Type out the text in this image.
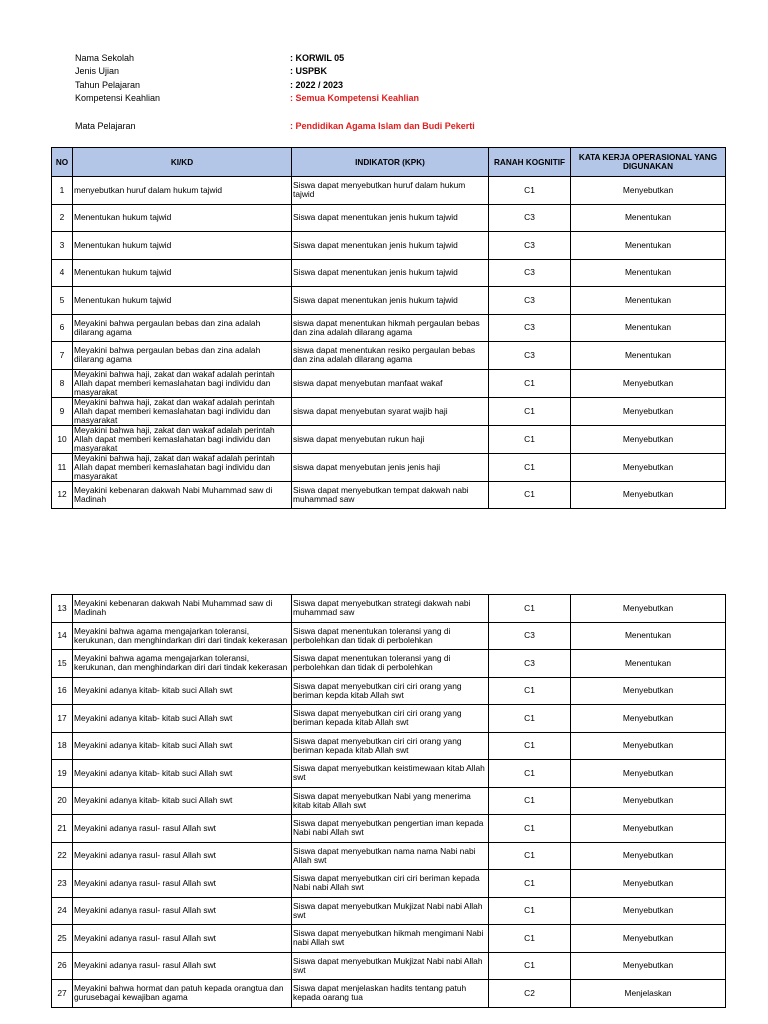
Nama Sekolah	: KORWIL 05
Jenis Ujian	: USPBK
Tahun Pelajaran	: 2022 / 2023
Kompetensi Keahlian	: Semua Kompetensi Keahlian
Mata Pelajaran	: Pendidikan Agama Islam dan Budi Pekerti
NO	KI/KD	INDIKATOR (KPK)	RANAH KOGNITIF	KATA KERJA OPERASIONAL YANG DIGUNAKAN
1	menyebutkan huruf dalam hukum tajwid	Siswa dapat menyebutkan huruf dalam hukum tajwid	C1	Menyebutkan
2	Menentukan hukum tajwid	Siswa dapat menentukan jenis hukum tajwid	C3	Menentukan
3	Menentukan hukum tajwid	Siswa dapat menentukan jenis hukum tajwid	C3	Menentukan
4	Menentukan hukum tajwid	Siswa dapat menentukan jenis hukum tajwid	C3	Menentukan
5	Menentukan hukum tajwid	Siswa dapat menentukan jenis hukum tajwid	C3	Menentukan
6	Meyakini bahwa pergaulan bebas dan zina adalah dilarang agama	siswa dapat menentukan hikmah pergaulan bebas dan zina adalah dilarang agama	C3	Menentukan
7	Meyakini bahwa pergaulan bebas dan zina adalah dilarang agama	siswa dapat menentukan resiko pergaulan bebas dan zina adalah dilarang agama	C3	Menentukan
8	Meyakini bahwa haji, zakat dan wakaf adalah perintah Allah dapat memberi kemaslahatan bagi individu dan masyarakat	siswa dapat menyebutan manfaat wakaf	C1	Menyebutkan
9	Meyakini bahwa haji, zakat dan wakaf adalah perintah Allah dapat memberi kemaslahatan bagi individu dan masyarakat	siswa dapat menyebutan syarat wajib haji	C1	Menyebutkan
10	Meyakini bahwa haji, zakat dan wakaf adalah perintah Allah dapat memberi kemaslahatan bagi individu dan masyarakat	siswa dapat menyebutan rukun haji	C1	Menyebutkan
11	Meyakini bahwa haji, zakat dan wakaf adalah perintah Allah dapat memberi kemaslahatan bagi individu dan masyarakat	siswa dapat menyebutan jenis jenis haji	C1	Menyebutkan
12	Meyakini kebenaran dakwah Nabi Muhammad saw di Madinah	Siswa dapat menyebutkan tempat dakwah nabi muhammad saw	C1	Menyebutkan
13	Meyakini kebenaran dakwah Nabi Muhammad saw di Madinah	Siswa dapat menyebutkan strategi dakwah nabi muhammad saw	C1	Menyebutkan
14	Meyakini bahwa agama mengajarkan toleransi, kerukunan, dan menghindarkan diri dari tindak kekerasan	Siswa dapat menentukan toleransi yang di perbolehkan dan tidak di perbolehkan	C3	Menentukan
15	Meyakini bahwa agama mengajarkan toleransi, kerukunan, dan menghindarkan diri dari tindak kekerasan	Siswa dapat menentukan toleransi yang di perbolehkan dan tidak di perbolehkan	C3	Menentukan
16	Meyakini adanya kitab- kitab suci Allah swt	Siswa dapat menyebutkan ciri ciri orang yang beriman kepda kitab Allah swt	C1	Menyebutkan
17	Meyakini adanya kitab- kitab suci Allah swt	Siswa dapat menyebutkan ciri ciri orang yang beriman kepada kitab Allah swt	C1	Menyebutkan
18	Meyakini adanya kitab- kitab suci Allah swt	Siswa dapat menyebutkan ciri ciri orang yang beriman kepada kitab Allah swt	C1	Menyebutkan
19	Meyakini adanya kitab- kitab suci Allah swt	Siswa dapat menyebutkan keistimewaan kitab Allah swt	C1	Menyebutkan
20	Meyakini adanya kitab- kitab suci Allah swt	Siswa dapat menyebutkan Nabi yang menerima kitab kitab Allah swt	C1	Menyebutkan
21	Meyakini adanya rasul- rasul Allah swt	Siswa dapat menyebutkan pengertian iman kepada Nabi nabi Allah swt	C1	Menyebutkan
22	Meyakini adanya rasul- rasul Allah swt	Siswa dapat menyebutkan nama nama Nabi nabi Allah swt	C1	Menyebutkan
23	Meyakini adanya rasul- rasul Allah swt	Siswa dapat menyebutkan ciri ciri beriman kepada Nabi nabi Allah swt	C1	Menyebutkan
24	Meyakini adanya rasul- rasul Allah swt	Siswa dapat menyebutkan Mukjizat Nabi nabi Allah swt	C1	Menyebutkan
25	Meyakini adanya rasul- rasul Allah swt	Siswa dapat menyebutkan hikmah mengimani Nabi nabi Allah swt	C1	Menyebutkan
26	Meyakini adanya rasul- rasul Allah swt	Siswa dapat menyebutkan Mukjizat Nabi nabi Allah swt	C1	Menyebutkan
27	Meyakini bahwa hormat dan patuh kepada orangtua dan gurusebagai kewajiban agama	Siswa dapat menjelaskan hadits tentang patuh kepada oarang tua	C2	Menjelaskan
